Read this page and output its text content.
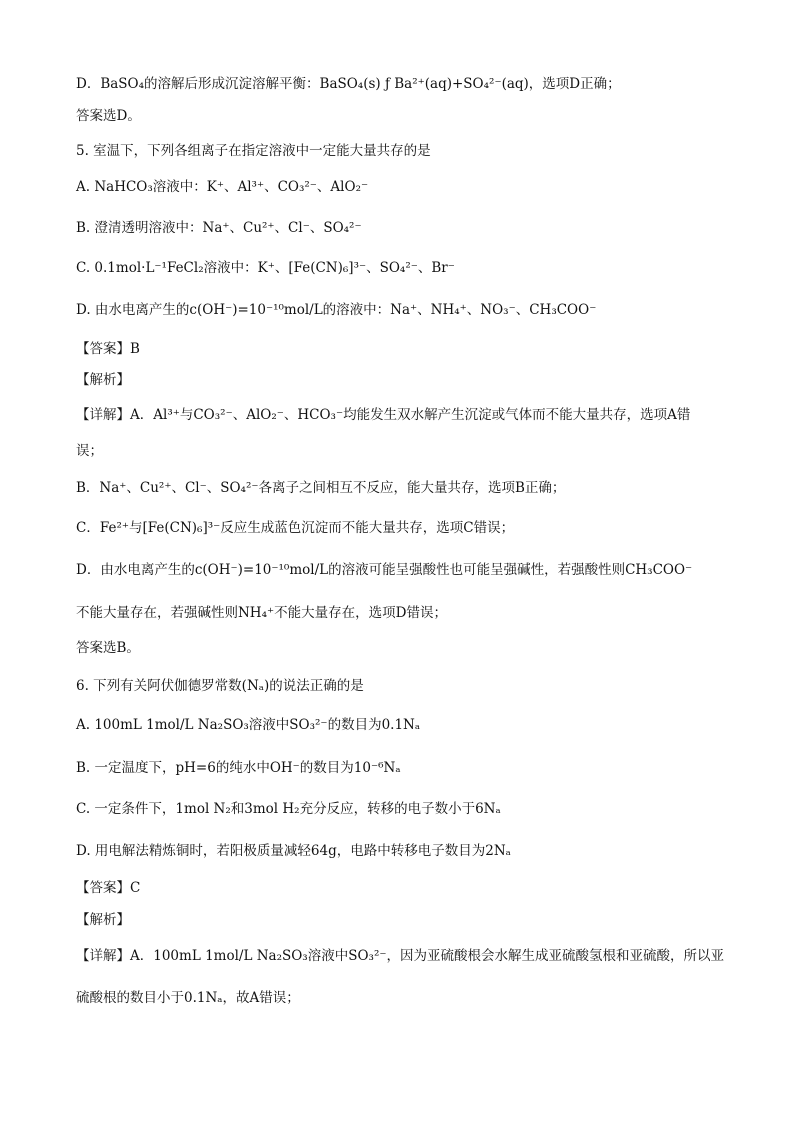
D．BaSO₄的溶解后形成沉淀溶解平衡：BaSO₄(s) ƒ Ba²⁺(aq)+SO₄²⁻(aq)，选项D正确；
答案选D。
5. 室温下，下列各组离子在指定溶液中一定能大量共存的是
A. NaHCO₃溶液中：K⁺、Al³⁺、CO₃²⁻、AlO₂⁻
B. 澄清透明溶液中：Na⁺、Cu²⁺、Cl⁻、SO₄²⁻
C. 0.1mol·L⁻¹FeCl₂溶液中：K⁺、[Fe(CN)₆]³⁻、SO₄²⁻、Br⁻
D. 由水电离产生的c(OH⁻)=10⁻¹⁰mol/L的溶液中：Na⁺、NH₄⁺、NO₃⁻、CH₃COO⁻
【答案】B
【解析】
【详解】A．Al³⁺与CO₃²⁻、AlO₂⁻、HCO₃⁻均能发生双水解产生沉淀或气体而不能大量共存，选项A错
误；
B．Na⁺、Cu²⁺、Cl⁻、SO₄²⁻各离子之间相互不反应，能大量共存，选项B正确；
C．Fe²⁺与[Fe(CN)₆]³⁻反应生成蓝色沉淀而不能大量共存，选项C错误；
D．由水电离产生的c(OH⁻)=10⁻¹⁰mol/L的溶液可能呈强酸性也可能呈强碱性，若强酸性则CH₃COO⁻
不能大量存在，若强碱性则NH₄⁺不能大量存在，选项D错误；
答案选B。
6. 下列有关阿伏伽德罗常数(Nₐ)的说法正确的是
A. 100mL 1mol/L Na₂SO₃溶液中SO₃²⁻的数目为0.1Nₐ
B. 一定温度下，pH=6的纯水中OH⁻的数目为10⁻⁶Nₐ
C. 一定条件下，1mol N₂和3mol H₂充分反应，转移的电子数小于6Nₐ
D. 用电解法精炼铜时，若阳极质量减轻64g，电路中转移电子数目为2Nₐ
【答案】C
【解析】
【详解】A．100mL 1mol/L Na₂SO₃溶液中SO₃²⁻，因为亚硫酸根会水解生成亚硫酸氢根和亚硫酸，所以亚
硫酸根的数目小于0.1Nₐ，故A错误；
